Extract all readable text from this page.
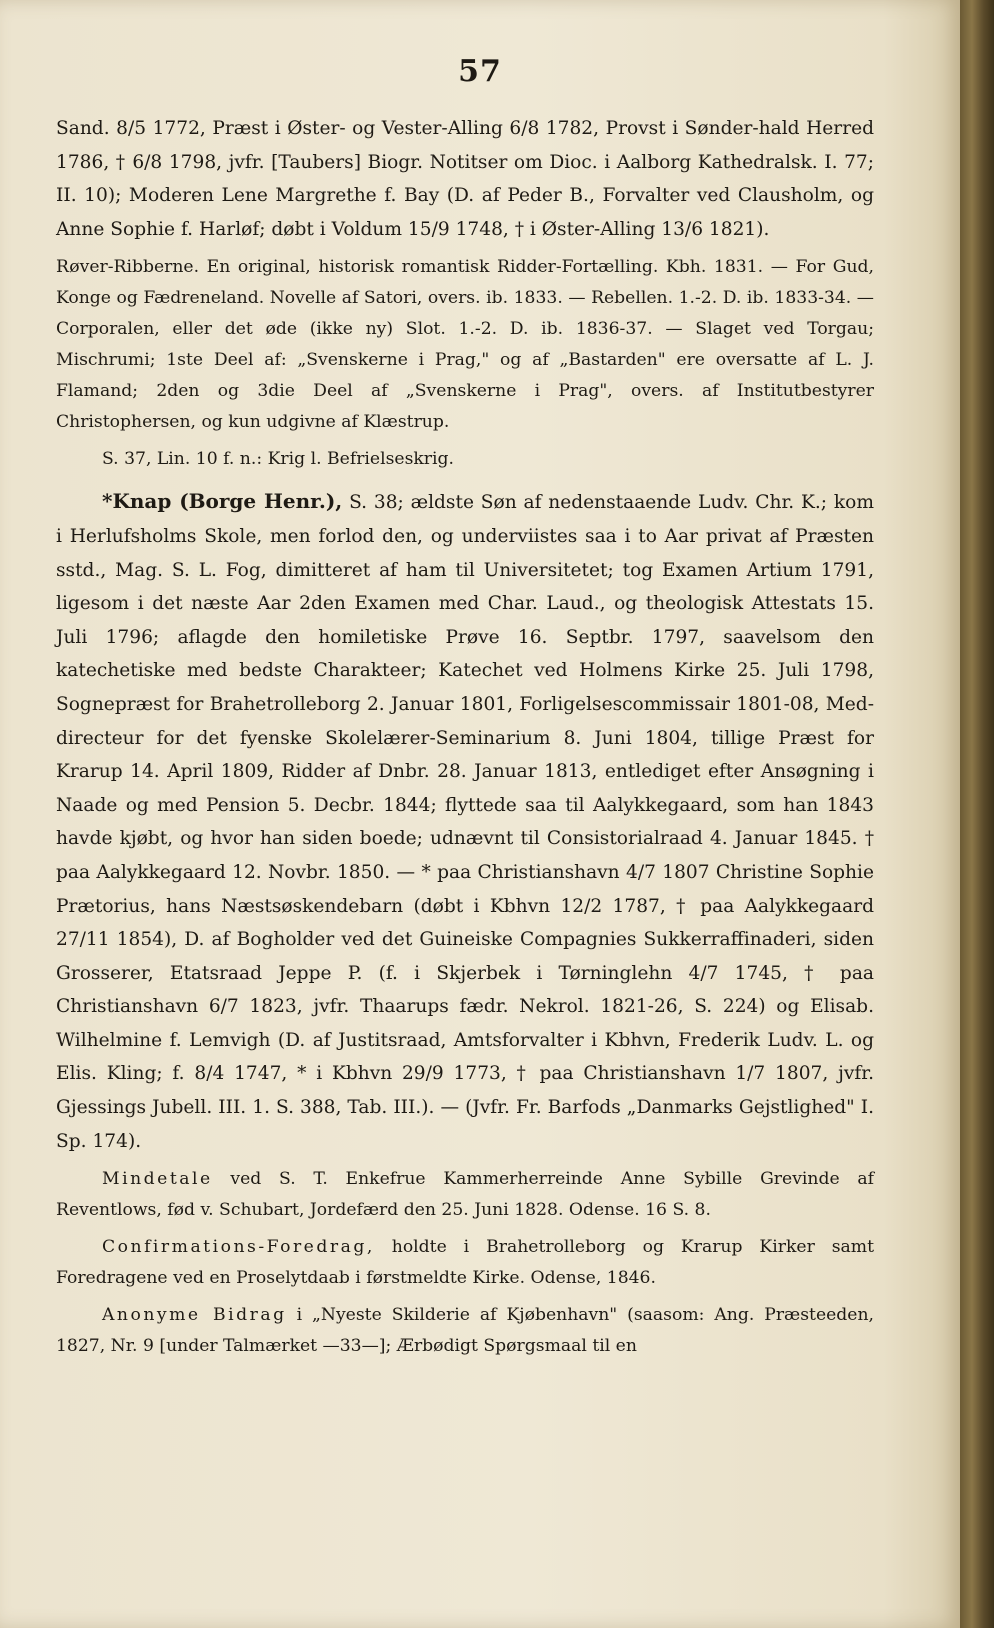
57

Sand. 8/5 1772, Præst i Øster- og Vester-Alling 6/8 1782, Provst i Sønder-hald Herred 1786, † 6/8 1798, jvfr. [Taubers] Biogr. Notitser om Dioc. i Aalborg Kathedralsk. I. 77; II. 10); Moderen Lene Margrethe f. Bay (D. af Peder B., Forvalter ved Clausholm, og Anne Sophie f. Harløf; døbt i Voldum 15/9 1748, † i Øster-Alling 13/6 1821).

Røver-Ribberne. En original, historisk romantisk Ridder-Fortælling. Kbh. 1831. — For Gud, Konge og Fædreneland. Novelle af Satori, overs. ib. 1833. — Rebellen. 1.-2. D. ib. 1833-34. — Corporalen, eller det øde (ikke ny) Slot. 1.-2. D. ib. 1836-37. — Slaget ved Torgau; Mischrumi; 1ste Deel af: „Svenskerne i Prag," og af „Bastarden" ere oversatte af L. J. Flamand; 2den og 3die Deel af „Svenskerne i Prag", overs. af Institutbestyrer Christophersen, og kun udgivne af Klæstrup.

S. 37, Lin. 10 f. n.: Krig l. Befrielseskrig.

*Knap (Borge Henr.), S. 38; ældste Søn af nedenstaaende Ludv. Chr. K.; kom i Herlufsholms Skole, men forlod den, og underviistes saa i to Aar privat af Præsten sstd., Mag. S. L. Fog, dimitteret af ham til Universitetet; tog Examen Artium 1791, ligesom i det næste Aar 2den Examen med Char. Laud., og theologisk Attestats 15. Juli 1796; aflagde den homiletiske Prøve 16. Septbr. 1797, saavelsom den katechetiske med bedste Charakteer; Katechet ved Holmens Kirke 25. Juli 1798, Sognepræst for Brahetrolleborg 2. Januar 1801, Forligelsescommissair 1801-08, Med-directeur for det fyenske Skolelærer-Seminarium 8. Juni 1804, tillige Præst for Krarup 14. April 1809, Ridder af Dnbr. 28. Januar 1813, entlediget efter Ansøgning i Naade og med Pension 5. Decbr. 1844; flyttede saa til Aalykkegaard, som han 1843 havde kjøbt, og hvor han siden boede; udnævnt til Consistorialraad 4. Januar 1845. † paa Aalykkegaard 12. Novbr. 1850. — * paa Christianshavn 4/7 1807 Christine Sophie Prætorius, hans Næstsøskendebarn (døbt i Kbhvn 12/2 1787, † paa Aalykkegaard 27/11 1854), D. af Bogholder ved det Guineiske Compagnies Sukkerraffinaderi, siden Grosserer, Etatsraad Jeppe P. (f. i Skjerbek i Tørninglehn 4/7 1745, † paa Christianshavn 6/7 1823, jvfr. Thaarups fædr. Nekrol. 1821-26, S. 224) og Elisab. Wilhelmine f. Lemvigh (D. af Justitsraad, Amtsforvalter i Kbhvn, Frederik Ludv. L. og Elis. Kling; f. 8/4 1747, * i Kbhvn 29/9 1773, † paa Christianshavn 1/7 1807, jvfr. Gjessings Jubell. III. 1. S. 388, Tab. III.). — (Jvfr. Fr. Barfods „Danmarks Gejstlighed" I. Sp. 174).

Mindetale ved S. T. Enkefrue Kammerherreinde Anne Sybille Grevinde af Reventlows, fød v. Schubart, Jordefærd den 25. Juni 1828. Odense. 16 S. 8.

Confirmations-Foredrag, holdte i Brahetrolleborg og Krarup Kirker samt Foredragene ved en Proselytdaab i førstmeldte Kirke. Odense, 1846.

Anonyme Bidrag i „Nyeste Skilderie af Kjøbenhavn" (saasom: Ang. Præsteeden, 1827, Nr. 9 [under Talmærket —33—]; Ærbødigt Spørgsmaal til en
